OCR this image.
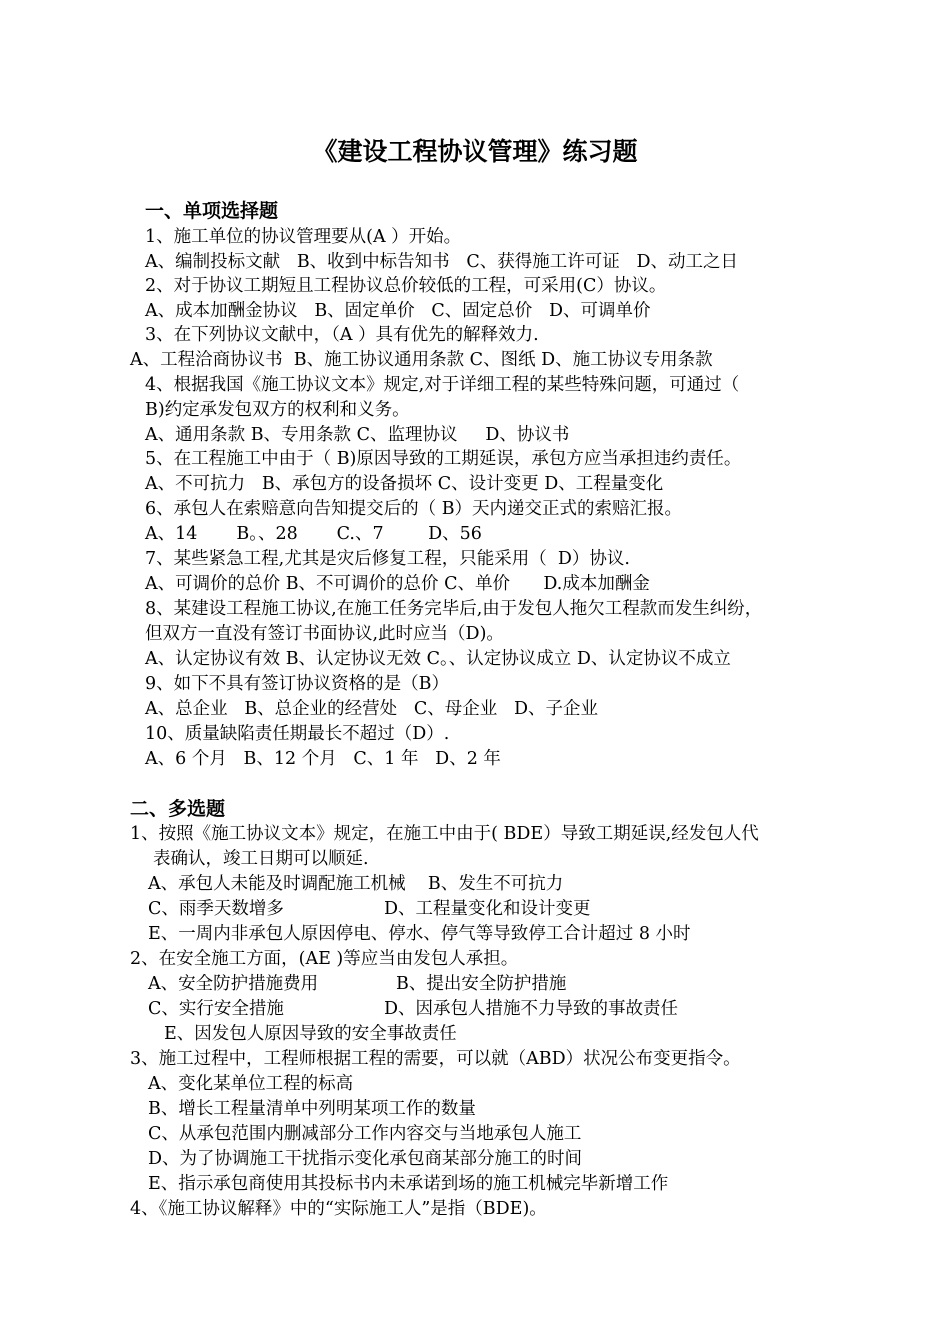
《建设工程协议管理》练习题
一、单项选择题
1、施工单位的协议管理要从(A ）开始。
A、编制投标文献   B、收到中标告知书   C、获得施工许可证   D、动工之日
2、对于协议工期短且工程协议总价较低的工程，可采用(C）协议。
A、成本加酬金协议   B、固定单价   C、固定总价   D、可调单价
3、在下列协议文献中，（A ）具有优先的解释效力.
A、工程洽商协议书  B、施工协议通用条款 C、图纸 D、施工协议专用条款
4、根据我国《施工协议文本》规定,对于详细工程的某些特殊问题，可通过（
B)约定承发包双方的权利和义务。
A、通用条款 B、专用条款 C、监理协议     D、协议书
5、在工程施工中由于（ B)原因导致的工期延误，承包方应当承担违约责任。
A、不可抗力   B、承包方的设备损坏 C、设计变更 D、工程量变化
6、承包人在索赔意向告知提交后的（ B）天内递交正式的索赔汇报。
A、14       B。、28       C.、7        D、56
7、某些紧急工程,尤其是灾后修复工程，只能采用（  D）协议.
A、可调价的总价 B、不可调价的总价 C、单价      D.成本加酬金
8、某建设工程施工协议,在施工任务完毕后,由于发包人拖欠工程款而发生纠纷，
但双方一直没有签订书面协议,此时应当（D)。
A、认定协议有效 B、认定协议无效 C。、认定协议成立 D、认定协议不成立
9、如下不具有签订协议资格的是（B）
A、总企业   B、总企业的经营处   C、母企业   D、子企业
10、质量缺陷责任期最长不超过（D）.
A、6 个月   B、12 个月   C、1 年   D、2 年
二、多选题
1、按照《施工协议文本》规定，在施工中由于( BDE）导致工期延误,经发包人代
表确认，竣工日期可以顺延.
A、承包人未能及时调配施工机械    B、发生不可抗力
C、雨季天数增多                  D、工程量变化和设计变更
E、一周内非承包人原因停电、停水、停气等导致停工合计超过 8 小时
2、在安全施工方面，(AE )等应当由发包人承担。
A、安全防护措施费用              B、提出安全防护措施
C、实行安全措施                  D、因承包人措施不力导致的事故责任
E、因发包人原因导致的安全事故责任
3、施工过程中，工程师根据工程的需要，可以就（ABD）状况公布变更指令。
A、变化某单位工程的标高
B、增长工程量清单中列明某项工作的数量
C、从承包范围内删减部分工作内容交与当地承包人施工
D、为了协调施工干扰指示变化承包商某部分施工的时间
E、指示承包商使用其投标书内未承诺到场的施工机械完毕新增工作
4、《施工协议解释》中的“实际施工人”是指（BDE)。
